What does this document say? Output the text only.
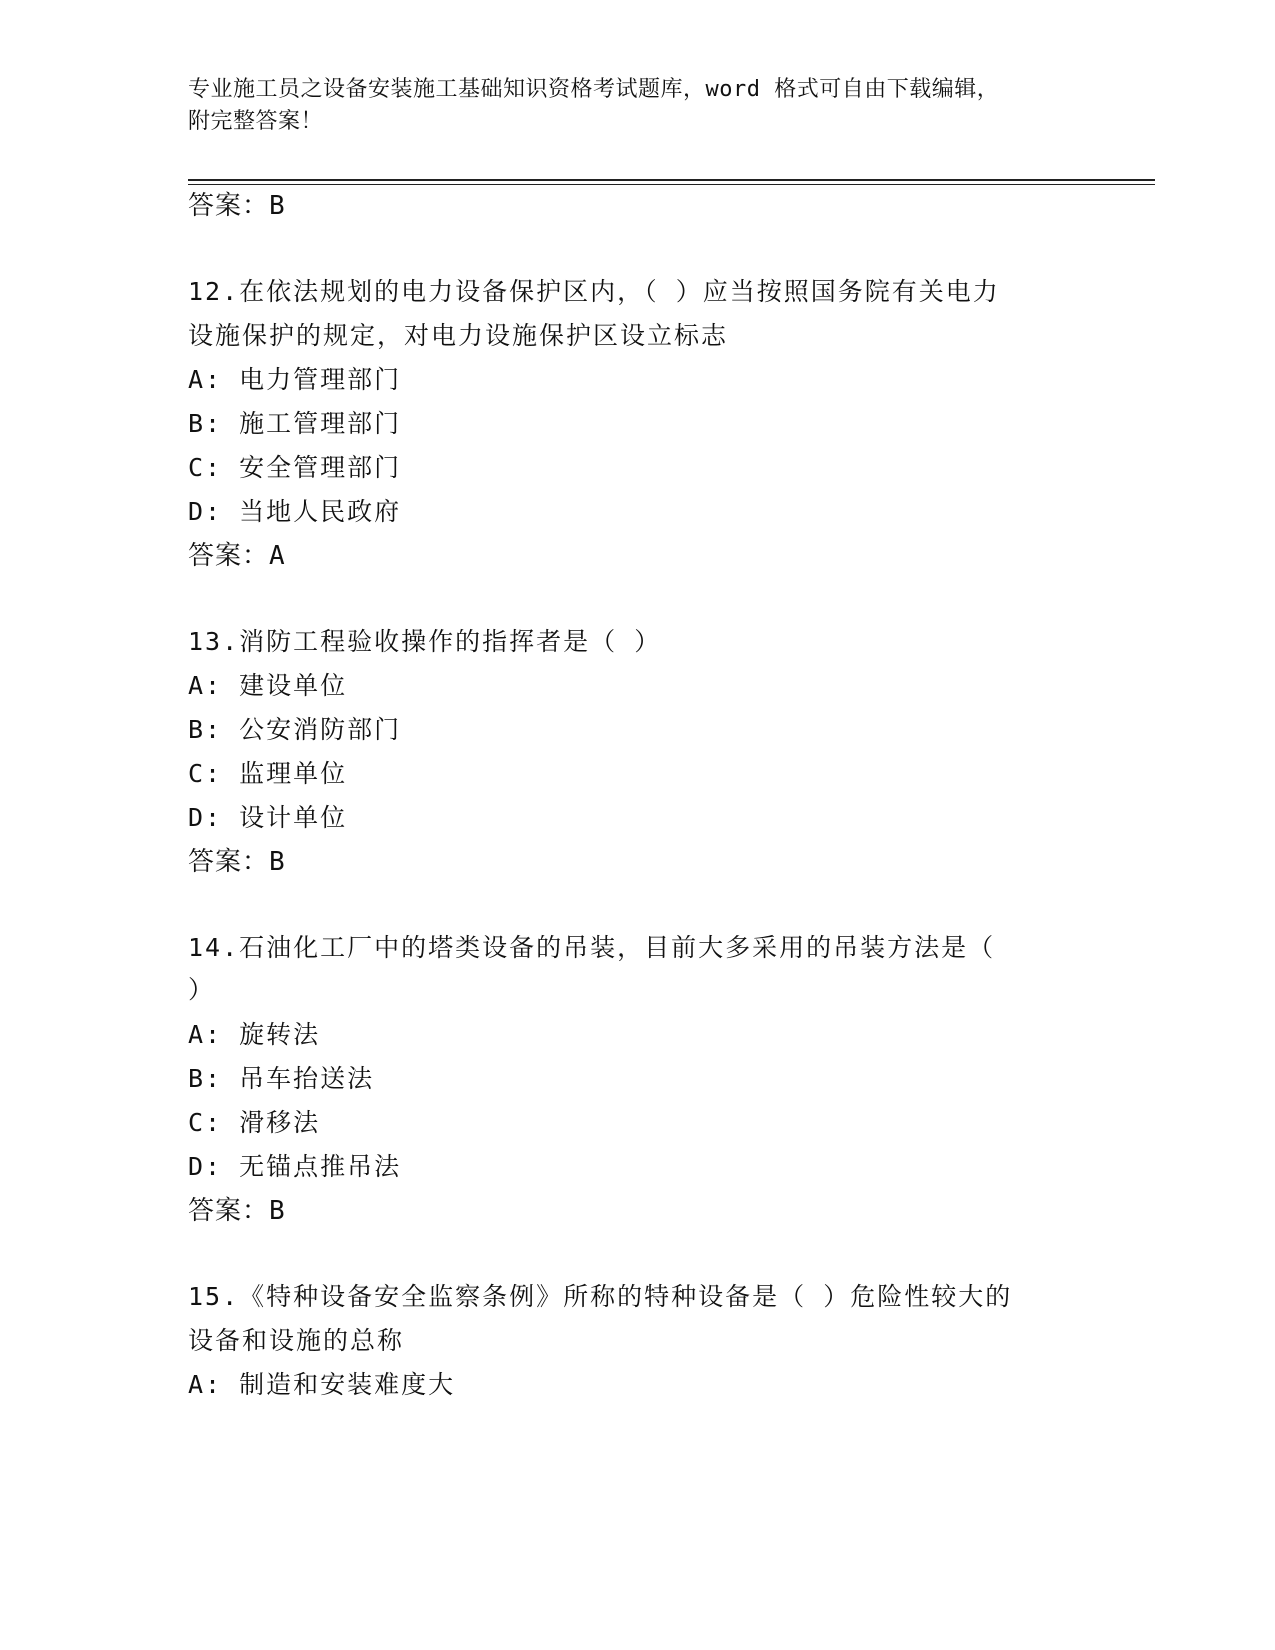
专业施工员之设备安装施工基础知识资格考试题库，word 格式可自由下载编辑，
附完整答案！
答案：B
12.在依法规划的电力设备保护区内，（ ）应当按照国务院有关电力
设施保护的规定，对电力设施保护区设立标志
A: 电力管理部门
B: 施工管理部门
C: 安全管理部门
D: 当地人民政府
答案：A
13.消防工程验收操作的指挥者是（ ）
A: 建设单位
B: 公安消防部门
C: 监理单位
D: 设计单位
答案：B
14.石油化工厂中的塔类设备的吊装，目前大多采用的吊装方法是（
）
A: 旋转法
B: 吊车抬送法
C: 滑移法
D: 无锚点推吊法
答案：B
15.《特种设备安全监察条例》所称的特种设备是（ ）危险性较大的
设备和设施的总称
A: 制造和安装难度大
